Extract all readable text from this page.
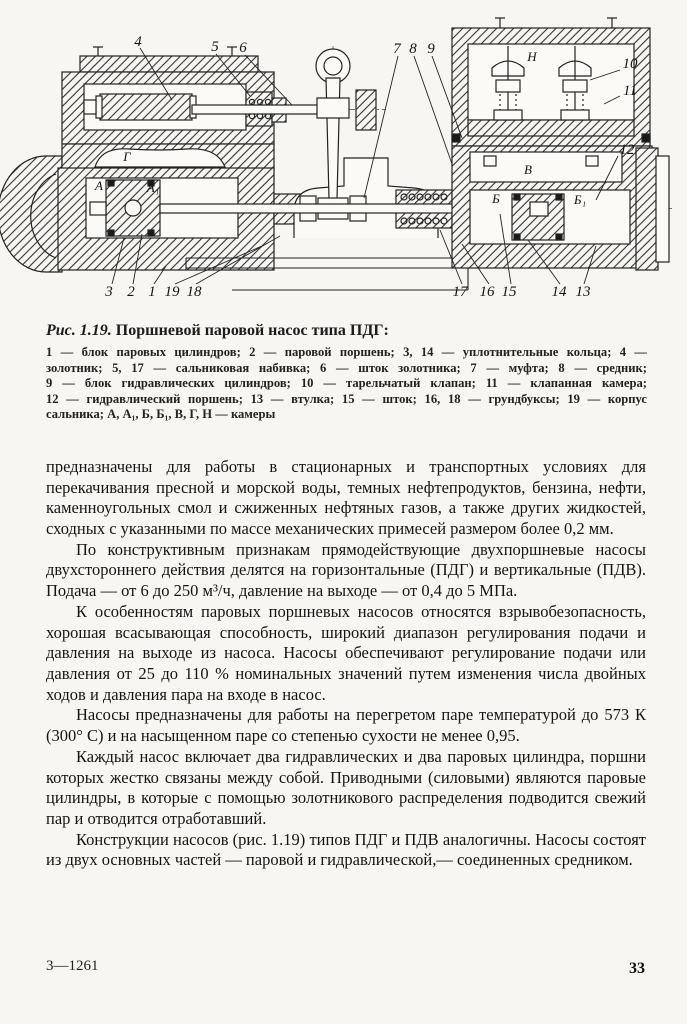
4	5 6	7 8 9
10
11
12
3 2 1 19 18	17 16 15 14 13
А	А₁
Б	Б₁
В
Г
Н
Рис. 1.19. Поршневой паровой насос типа ПДГ:
1 — блок паровых цилиндров; 2 — паровой поршень; 3, 14 — уплотнительные кольца; 4 —
золотник; 5, 17 — сальниковая набивка; 6 — шток золотника; 7 — муфта; 8 — средник;
9 — блок гидравлических цилиндров; 10 — тарельчатый клапан; 11 — клапанная камера;
12 — гидравлический поршень; 13 — втулка; 15 — шток; 16, 18 — грундбуксы; 19 — корпус
сальника; А, А₁, Б, Б₁, В, Г, Н — камеры

предназначены для работы в стационарных и транспортных условиях для перекачивания пресной и морской воды, темных нефтепродуктов, бензина, нефти, каменноугольных смол и сжиженных нефтяных газов, а также других жидкостей, сходных с указанными по массе механических примесей размером более 0,2 мм.

По конструктивным признакам прямодействующие двухпоршневые насосы двухстороннего действия делятся на горизонтальные (ПДГ) и вертикальные (ПДВ). Подача — от 6 до 250 м³/ч, давление на выходе — от 0,4 до 5 МПа.

К особенностям паровых поршневых насосов относятся взрывобезопасность, хорошая всасывающая способность, широкий диапазон регулирования подачи и давления на выходе из насоса. Насосы обеспечивают регулирование подачи или давления от 25 до 110 % номинальных значений путем изменения числа двойных ходов и давления пара на входе в насос.

Насосы предназначены для работы на перегретом паре температурой до 573 К (300° С) и на насыщенном паре со степенью сухости не менее 0,95.

Каждый насос включает два гидравлических и два паровых цилиндра, поршни которых жестко связаны между собой. Приводными (силовыми) являются паровые цилиндры, в которые с помощью золотникового распределения подводится свежий пар и отводится отработавший.

Конструкции насосов (рис. 1.19) типов ПДГ и ПДВ аналогичны. Насосы состоят из двух основных частей — паровой и гидравлической,— соединенных средником.

3—1261	33
